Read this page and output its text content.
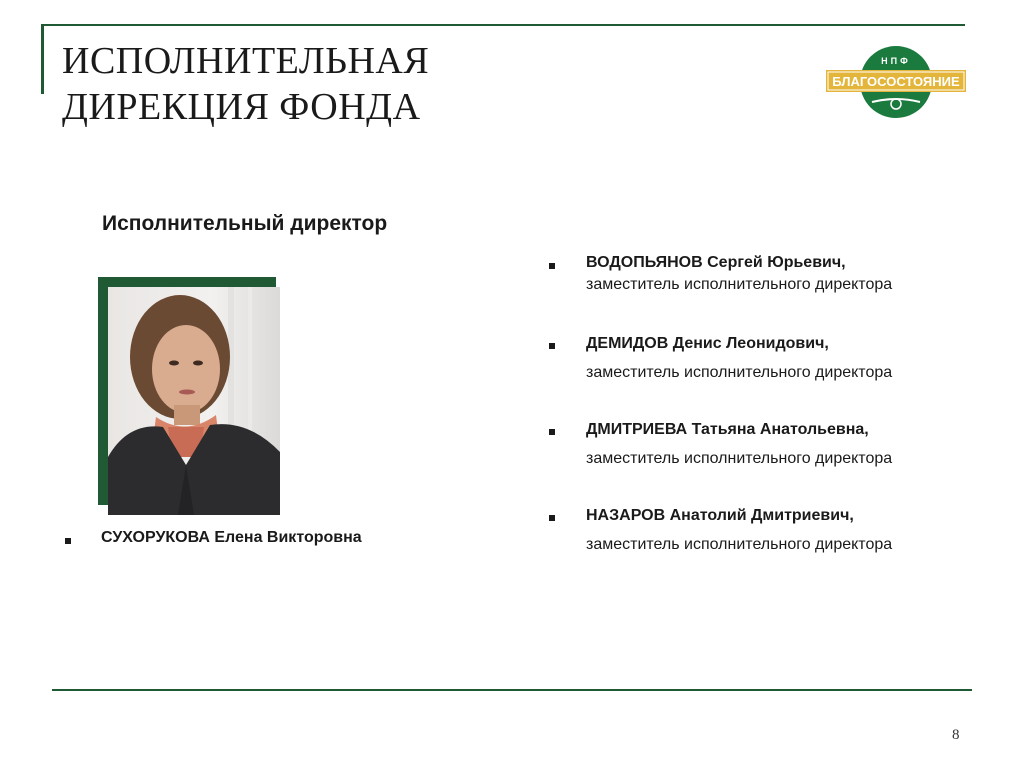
ИСПОЛНИТЕЛЬНАЯ
ДИРЕКЦИЯ ФОНДА
НПФ
БЛАГОСОСТОЯНИЕ
Исполнительный директор
СУХОРУКОВА Елена Викторовна
ВОДОПЬЯНОВ Сергей Юрьевич,
заместитель исполнительного директора
ДЕМИДОВ Денис Леонидович,
заместитель исполнительного директора
ДМИТРИЕВА Татьяна Анатольевна,
заместитель исполнительного директора
НАЗАРОВ Анатолий Дмитриевич,
заместитель исполнительного директора
8
